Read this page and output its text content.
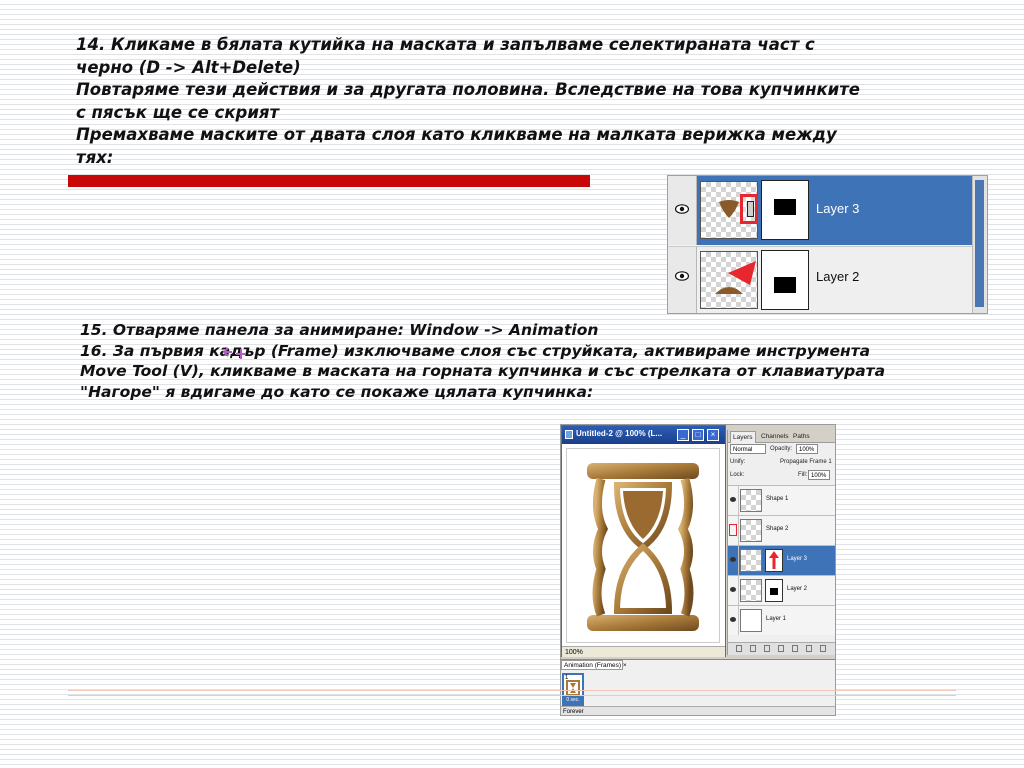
14. Кликаме в бялата кутийка на маската и запълваме селектираната част с
черно (D -> Alt+Delete)
Повтаряме тези действия и за другата половина. Вследствие на това купчинките
с пясък ще се скрият
Премахваме маските от двата слоя като кликваме на малката верижка между
тях:
Layer 3
Layer 2
15. Отваряме панела за анимиране: Window -> Animation
16. За първия кадър (Frame) изключваме слоя със струйката, активираме инструмента
Move Tool (V), кликваме в маската на горната купчинка и със стрелката от клавиатурата
"Нагоре" я вдигаме до като се покаже цялата купчинка:
Untitled-2 @ 100% (L...	_	□	×
100%
Layers	Channels Paths
Normal	Opacity:	100%
Unify:	Propagate Frame 1
Lock:	Fill: 100%
Shape 1
Shape 2
Layer 3
Layer 2
Layer 1
Animation (Frames) ×
1
0 sec.
Forever
